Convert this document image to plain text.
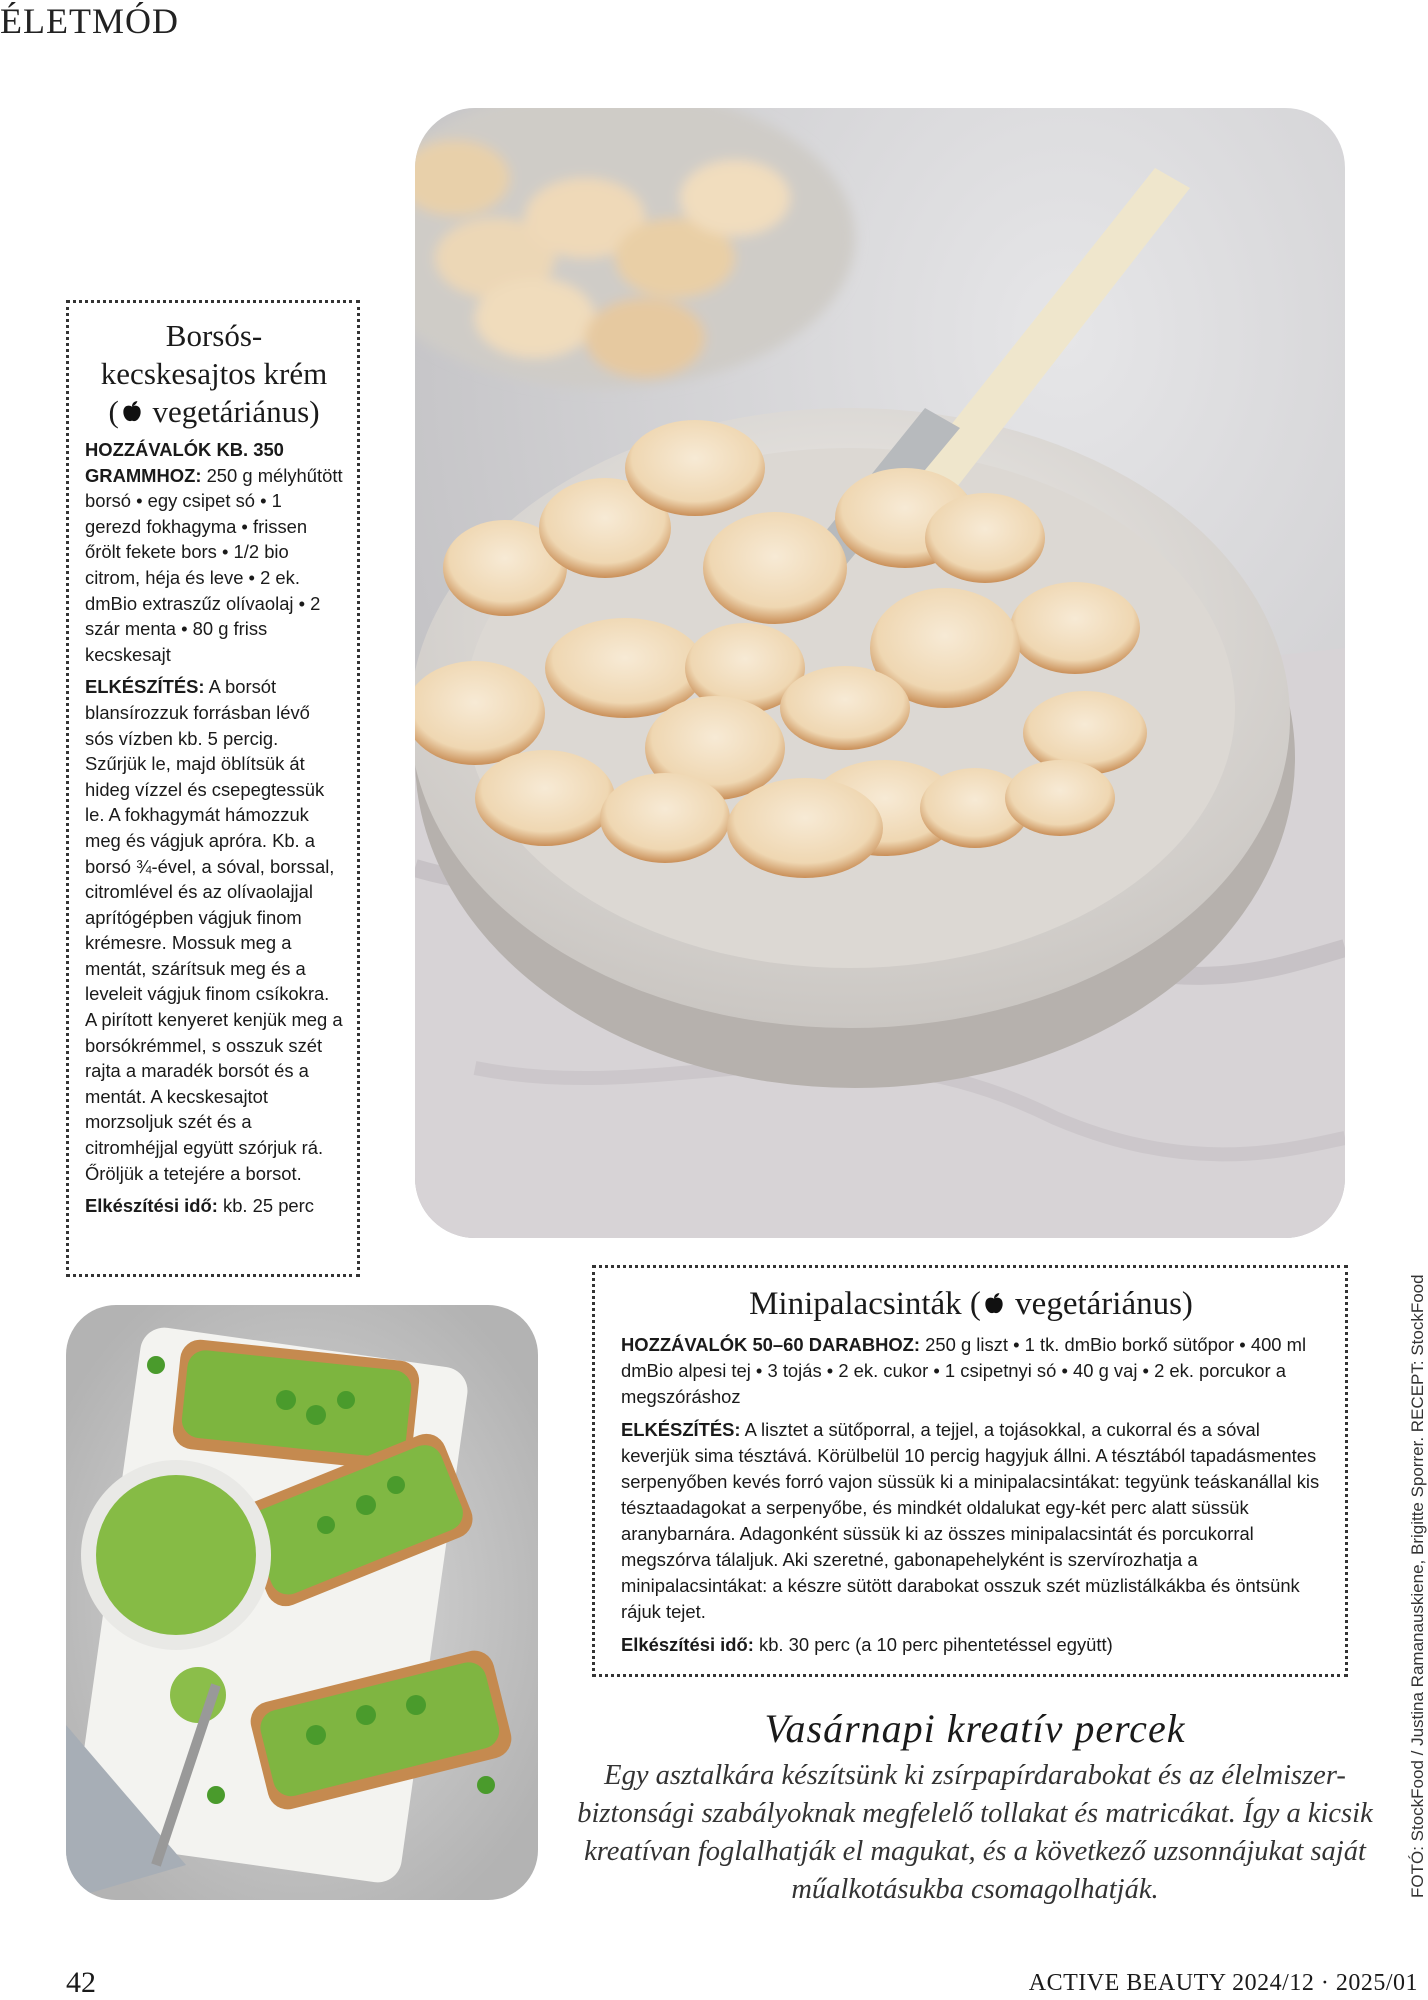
ÉLETMÓD
Borsós-
kecskesajtos krém
( vegetáriánus)

HOZZÁVALÓK KB. 350 GRAMMHOZ: 250 g mélyhűtött borsó • egy csipet só • 1 gerezd fokhagyma • frissen őrölt fekete bors • 1/2 bio citrom, héja és leve • 2 ek. dmBio extraszűz olívaolaj • 2 szár menta • 80 g friss kecskesajt

ELKÉSZÍTÉS: A borsót blansírozzuk forrásban lévő sós vízben kb. 5 percig. Szűrjük le, majd öblítsük át hideg vízzel és csepegtessük le. A fokhagymát hámozzuk meg és vágjuk apróra. Kb. a borsó ¾-ével, a sóval, borssal, citromlével és az olívaolajjal aprítógépben vágjuk finom krémesre. Mossuk meg a mentát, szárítsuk meg és a leveleit vágjuk finom csíkokra. A pirított kenyeret kenjük meg a borsókrémmel, s osszuk szét rajta a maradék borsót és a mentát. A kecskesajtot morzsoljuk szét és a citromhéjjal együtt szórjuk rá. Őröljük a tetejére a borsot.

Elkészítési idő: kb. 25 perc

Minipalacsinták ( vegetáriánus)

HOZZÁVALÓK 50–60 DARABHOZ: 250 g liszt • 1 tk. dmBio borkő sütőpor • 400 ml dmBio alpesi tej • 3 tojás • 2 ek. cukor • 1 csipetnyi só • 40 g vaj • 2 ek. porcukor a megszóráshoz

ELKÉSZÍTÉS: A lisztet a sütőporral, a tejjel, a tojásokkal, a cukorral és a sóval keverjük sima tésztává. Körülbelül 10 percig hagyjuk állni. A tésztából tapadásmentes serpenyőben kevés forró vajon süssük ki a minipalacsintákat: tegyünk teáskanállal kis tésztaadagokat a serpenyőbe, és mindkét oldalukat egy-két perc alatt süssük aranybarnára. Adagonként süssük ki az összes minipalacsintát és porcukorral megszórva tálaljuk. Aki szeretné, gabonapehelyként is szervírozhatja a minipalacsintákat: a készre sütött darabokat osszuk szét müzlistálkákba és öntsünk rájuk tejet.

Elkészítési idő: kb. 30 perc (a 10 perc pihentetéssel együtt)

Vasárnapi kreatív percek
Egy asztalkára készítsünk ki zsírpapírdarabokat és az élelmiszer-biztonsági szabályoknak megfelelő tollakat és matricákat. Így a kicsik kreatívan foglalhatják el magukat, és a következő uzsonnájukat saját műalkotásukba csomagolhatják.	FOTÓ: StockFood / Justina Ramanauskiene, Brigitte Sporrer. RECEPT: StockFood
42	ACTIVE BEAUTY 2024/12 · 2025/01
